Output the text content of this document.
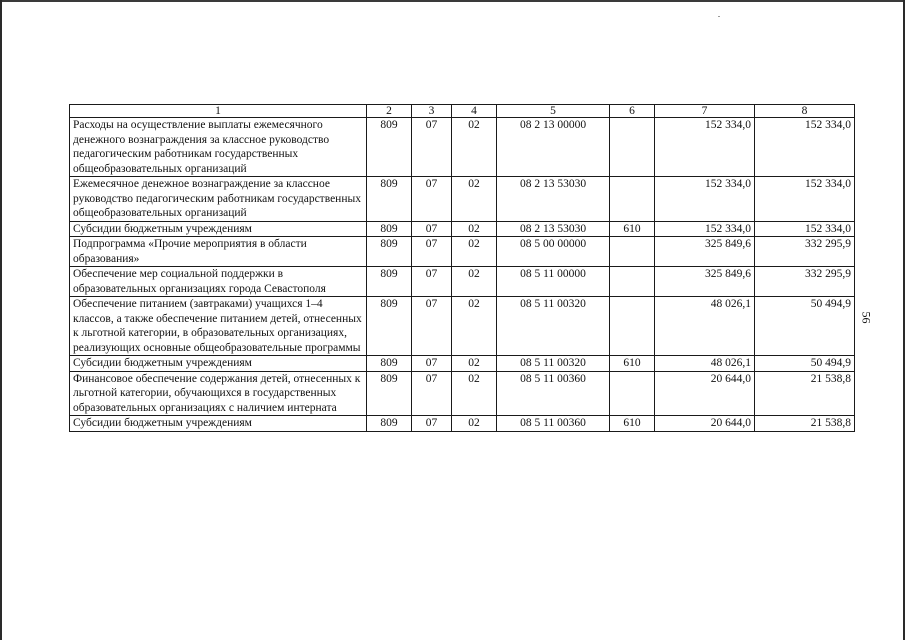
1	2	3	4	5	6	7	8
Расходы на осуществление выплаты ежемесячного денежного вознаграждения за классное руководство педагогическим работникам государственных общеобразовательных организаций	809	07	02	08 2 13 00000		152 334,0	152 334,0
Ежемесячное денежное вознаграждение за классное руководство педагогическим работникам государственных общеобразовательных организаций	809	07	02	08 2 13 53030		152 334,0	152 334,0
Субсидии бюджетным учреждениям	809	07	02	08 2 13 53030	610	152 334,0	152 334,0
Подпрограмма «Прочие мероприятия в области образования»	809	07	02	08 5 00 00000		325 849,6	332 295,9
Обеспечение мер социальной поддержки в образовательных организациях города Севастополя	809	07	02	08 5 11 00000		325 849,6	332 295,9
Обеспечение питанием (завтраками) учащихся 1–4 классов, а также обеспечение питанием детей, отнесенных к льготной категории, в образовательных организациях, реализующих основные общеобразовательные программы	809	07	02	08 5 11 00320		48 026,1	50 494,9
Субсидии бюджетным учреждениям	809	07	02	08 5 11 00320	610	48 026,1	50 494,9
Финансовое обеспечение содержания детей, отнесенных к льготной категории, обучающихся в государственных образовательных организациях с наличием интерната	809	07	02	08 5 11 00360		20 644,0	21 538,8
Субсидии бюджетным учреждениям	809	07	02	08 5 11 00360	610	20 644,0	21 538,8
56
